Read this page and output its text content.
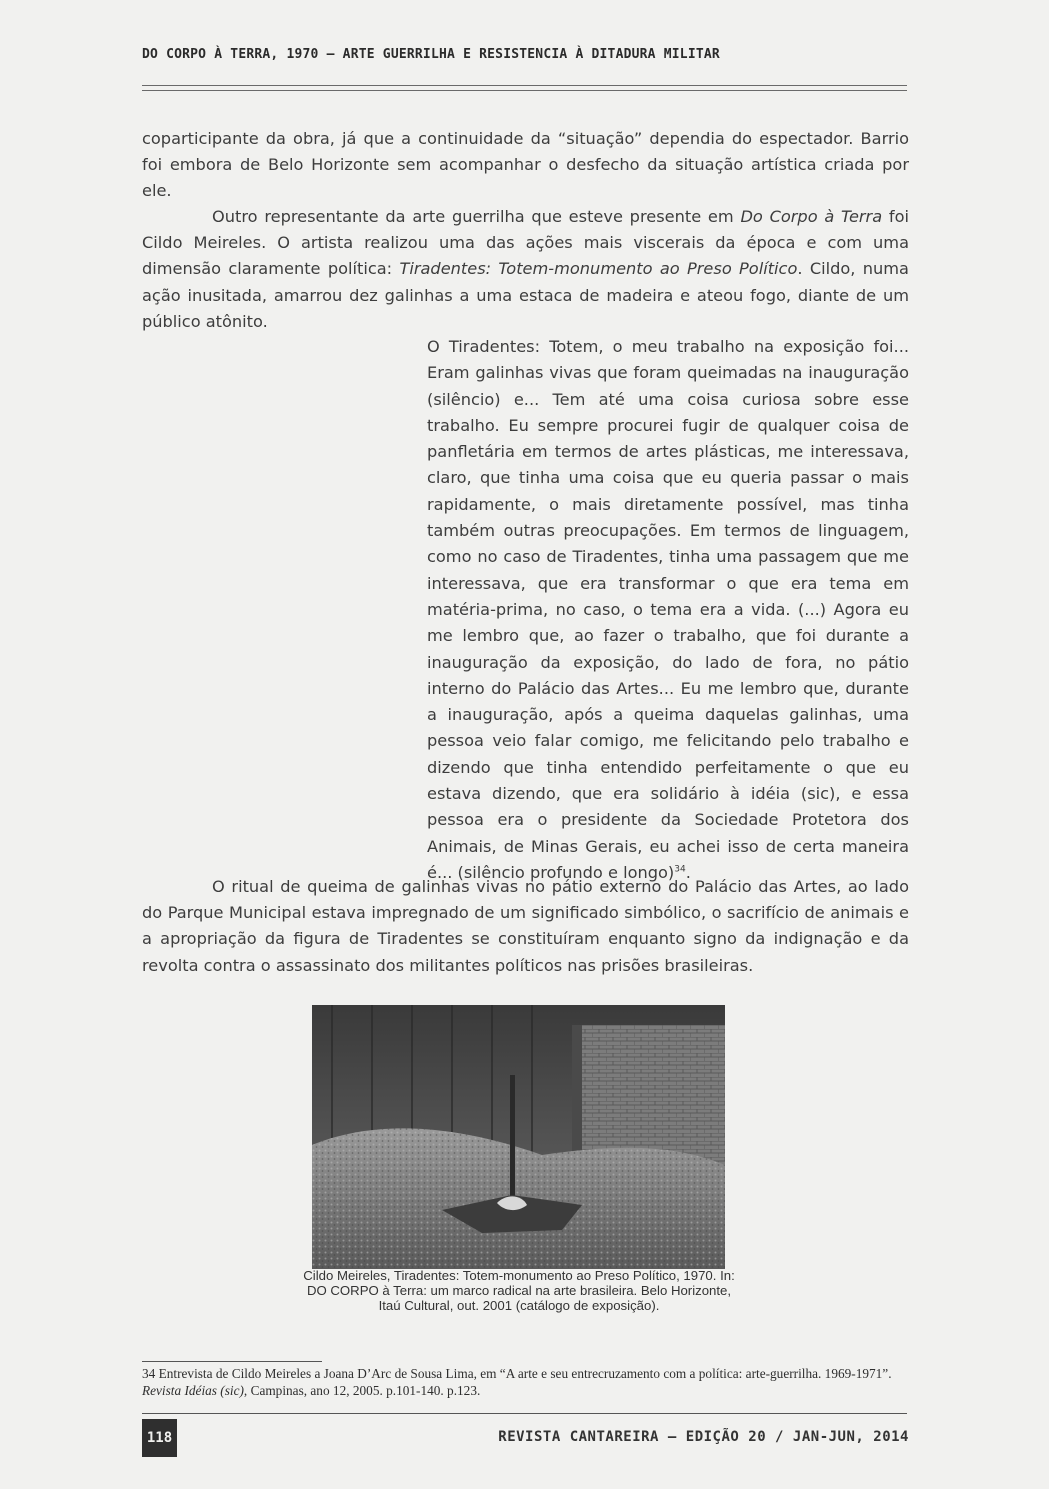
DO CORPO À TERRA, 1970 – ARTE GUERRILHA E RESISTENCIA À DITADURA MILITAR

coparticipante da obra, já que a continuidade da “situação” dependia do espectador. Barrio foi embora de Belo Horizonte sem acompanhar o desfecho da situação artística criada por ele.

Outro representante da arte guerrilha que esteve presente em Do Corpo à Terra foi Cildo Meireles. O artista realizou uma das ações mais viscerais da época e com uma dimensão claramente política: Tiradentes: Totem-monumento ao Preso Político. Cildo, numa ação inusitada, amarrou dez galinhas a uma estaca de madeira e ateou fogo, diante de um público atônito.

O Tiradentes: Totem, o meu trabalho na exposição foi... Eram galinhas vivas que foram queimadas na inauguração (silêncio) e... Tem até uma coisa curiosa sobre esse trabalho. Eu sempre procurei fugir de qualquer coisa de panfletária em termos de artes plásticas, me interessava, claro, que tinha uma coisa que eu queria passar o mais rapidamente, o mais diretamente possível, mas tinha também outras preocupações. Em termos de linguagem, como no caso de Tiradentes, tinha uma passagem que me interessava, que era transformar o que era tema em matéria-prima, no caso, o tema era a vida. (...) Agora eu me lembro que, ao fazer o trabalho, que foi durante a inauguração da exposição, do lado de fora, no pátio interno do Palácio das Artes... Eu me lembro que, durante a inauguração, após a queima daquelas galinhas, uma pessoa veio falar comigo, me felicitando pelo trabalho e dizendo que tinha entendido perfeitamente o que eu estava dizendo, que era solidário à idéia (sic), e essa pessoa era o presidente da Sociedade Protetora dos Animais, de Minas Gerais, eu achei isso de certa maneira é... (silêncio profundo e longo)$^{34}$.

O ritual de queima de galinhas vivas no pátio externo do Palácio das Artes, ao lado do Parque Municipal estava impregnado de um significado simbólico, o sacrifício de animais e a apropriação da figura de Tiradentes se constituíram enquanto signo da indignação e da revolta contra o assassinato dos militantes políticos nas prisões brasileiras.

Cildo Meireles, Tiradentes: Totem-monumento ao Preso Político, 1970. In: DO CORPO à Terra: um marco radical na arte brasileira. Belo Horizonte, Itaú Cultural, out. 2001 (catálogo de exposição).
34 Entrevista de Cildo Meireles a Joana D’Arc de Sousa Lima, em “A arte e seu entrecruzamento com a política: arte-guerrilha. 1969-1971”. Revista Idéias (sic), Campinas, ano 12, 2005. p.101-140. p.123.
118	REVISTA CANTAREIRA – EDIÇÃO 20 / JAN-JUN, 2014
